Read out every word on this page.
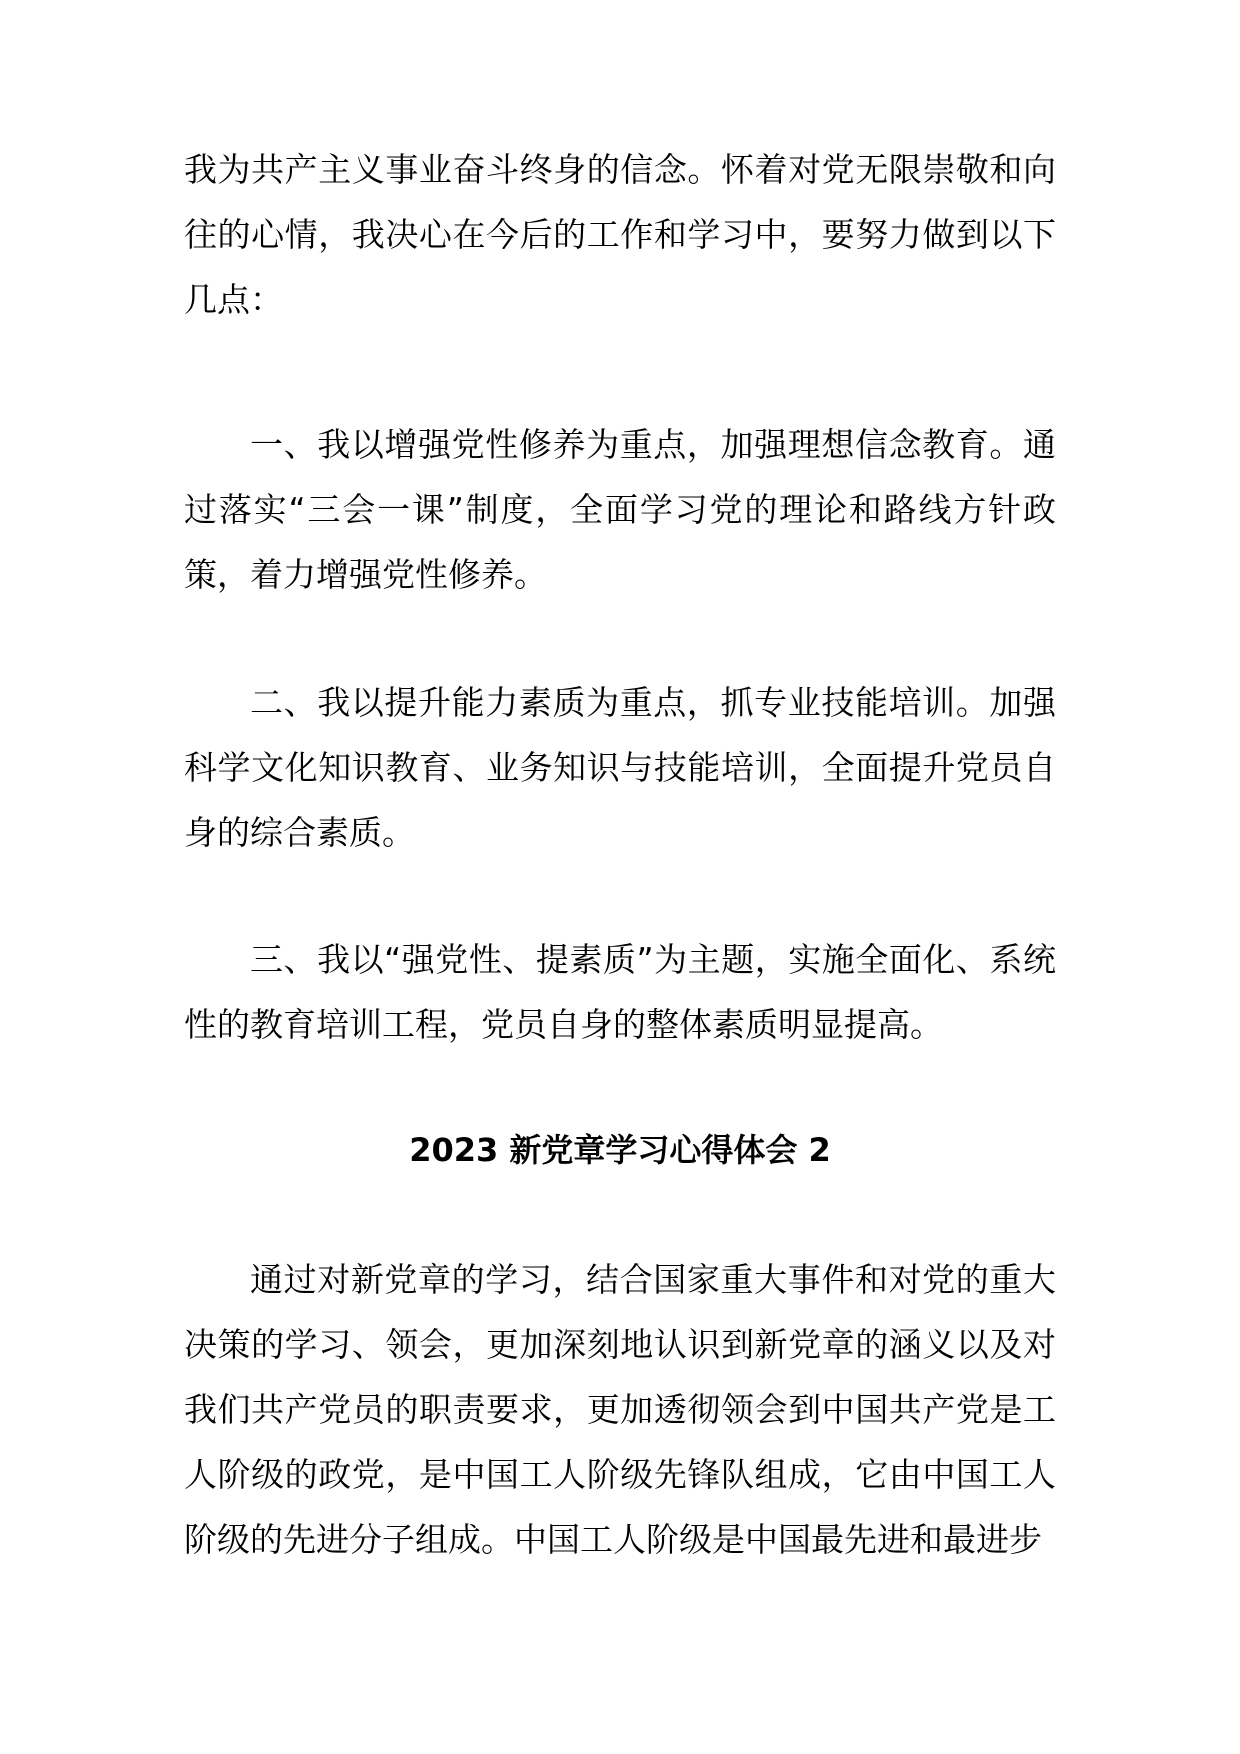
我为共产主义事业奋斗终身的信念。怀着对党无限崇敬和向往的心情，我决心在今后的工作和学习中，要努力做到以下几点：

一、我以增强党性修养为重点，加强理想信念教育。通过落实“三会一课”制度，全面学习党的理论和路线方针政策，着力增强党性修养。

二、我以提升能力素质为重点，抓专业技能培训。加强科学文化知识教育、业务知识与技能培训，全面提升党员自身的综合素质。

三、我以“强党性、提素质”为主题，实施全面化、系统性的教育培训工程，党员自身的整体素质明显提高。

2023 新党章学习心得体会 2

通过对新党章的学习，结合国家重大事件和对党的重大决策的学习、领会，更加深刻地认识到新党章的涵义以及对我们共产党员的职责要求，更加透彻领会到中国共产党是工人阶级的政党，是中国工人阶级先锋队组成，它由中国工人阶级的先进分子组成。中国工人阶级是中国最先进和最进步
